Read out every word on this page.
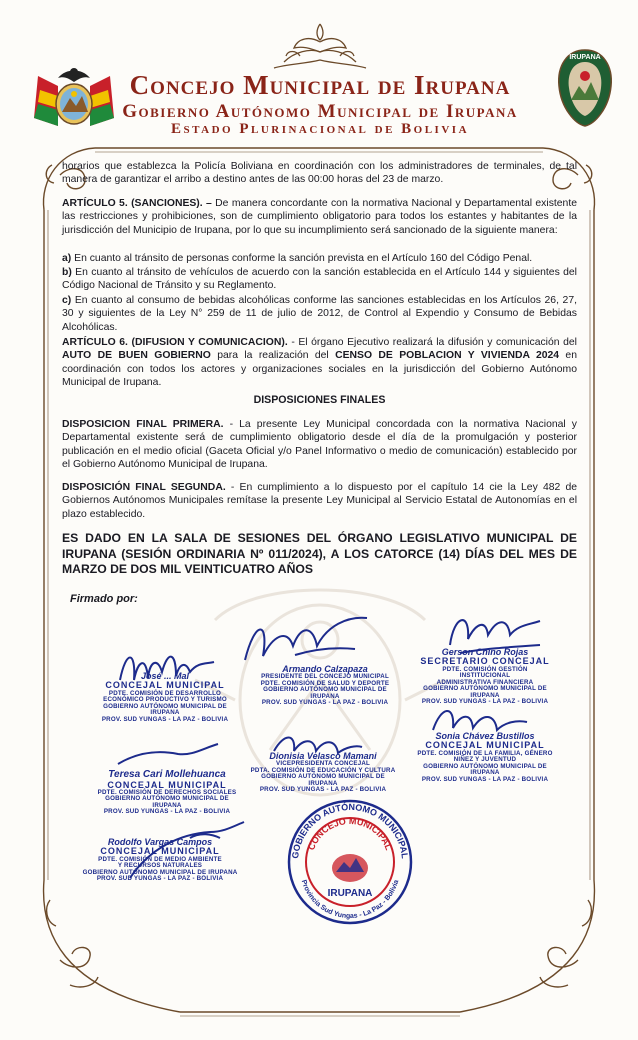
IRUPANA
Concejo Municipal de Irupana
Gobierno Autónomo Municipal de Irupana
Estado Plurinacional de Bolivia
horarios que establezca la Policía Boliviana en coordinación con los administradores de terminales, de tal manera de garantizar el arribo a destino antes de las 00:00 horas del 23 de marzo.
ARTÍCULO 5. (SANCIONES). – De manera concordante con la normativa Nacional y Departamental existente las restricciones y prohibiciones, son de cumplimiento obligatorio para todos los estantes y habitantes de la jurisdicción del Municipio de Irupana, por lo que su incumplimiento será sancionado de la siguiente manera:
a) En cuanto al tránsito de personas conforme la sanción prevista en el Artículo 160 del Código Penal.
b) En cuanto al tránsito de vehículos de acuerdo con la sanción establecida en el Artículo 144 y siguientes del Código Nacional de Tránsito y su Reglamento.
c) En cuanto al consumo de bebidas alcohólicas conforme las sanciones establecidas en los Artículos 26, 27, 30 y siguientes de la Ley N° 259 de 11 de julio de 2012, de Control al Expendio y Consumo de Bebidas Alcohólicas.
ARTÍCULO 6. (DIFUSION Y COMUNICACION). - El órgano Ejecutivo realizará la difusión y comunicación del AUTO DE BUEN GOBIERNO para la realización del CENSO DE POBLACION Y VIVIENDA 2024 en coordinación con todos los actores y organizaciones sociales en la jurisdicción del Gobierno Autónomo Municipal de Irupana.
DISPOSICIONES FINALES
DISPOSICION FINAL PRIMERA. - La presente Ley Municipal concordada con la normativa Nacional y Departamental existente será de cumplimiento obligatorio desde el día de la promulgación y posterior publicación en el medio oficial (Gaceta Oficial y/o Panel Informativo o medio de comunicación) establecido por el Gobierno Autónomo Municipal de Irupana.
DISPOSICIÓN FINAL SEGUNDA. - En cumplimiento a lo dispuesto por el capítulo 14 cie la Ley 482 de Gobiernos Autónomos Municipales remítase la presente Ley Municipal al Servicio Estatal de Autonomías en el plazo establecido.
ES DADO EN LA SALA DE SESIONES DEL ÓRGANO LEGISLATIVO MUNICIPAL DE IRUPANA (SESIÓN ORDINARIA Nº 011/2024), A LOS CATORCE (14) DÍAS DEL MES DE MARZO DE DOS MIL VEINTICUATRO AÑOS
Firmado por:
José ... Mal
CONCEJAL MUNICIPAL
PDTE. COMISIÓN DE DESARROLLO
ECONÓMICO PRODUCTIVO Y TURISMO
GOBIERNO AUTÓNOMO MUNICIPAL DE IRUPANA
PROV. SUD YUNGAS - LA PAZ - BOLIVIA
Armando Calzapaza
PRESIDENTE DEL CONCEJO MUNICIPAL
PDTE. COMISIÓN DE SALUD Y DEPORTE
GOBIERNO AUTÓNOMO MUNICIPAL DE IRUPANA
PROV. SUD YUNGAS - LA PAZ - BOLIVIA
Gerson Chino Rojas
SECRETARIO CONCEJAL
PDTE. COMISIÓN GESTIÓN INSTITUCIONAL
ADMINISTRATIVA FINANCIERA
GOBIERNO AUTÓNOMO MUNICIPAL DE IRUPANA
PROV. SUD YUNGAS - LA PAZ - BOLIVIA
Sonia Chávez Bustillos
CONCEJAL MUNICIPAL
PDTE. COMISIÓN DE LA FAMILIA, GÉNERO
NIÑEZ Y JUVENTUD
GOBIERNO AUTÓNOMO MUNICIPAL DE IRUPANA
PROV. SUD YUNGAS - LA PAZ - BOLIVIA
Dionisia Velasco Mamani
VICEPRESIDENTA CONCEJAL
PDTA. COMISIÓN DE EDUCACIÓN Y CULTURA
GOBIERNO AUTÓNOMO MUNICIPAL DE IRUPANA
PROV. SUD YUNGAS - LA PAZ - BOLIVIA
Teresa Cari Mollehuanca
CONCEJAL MUNICIPAL
PDTE. COMISIÓN DE DERECHOS SOCIALES
GOBIERNO AUTÓNOMO MUNICIPAL DE IRUPANA
PROV. SUD YUNGAS - LA PAZ - BOLIVIA
Rodolfo Vargas Campos
CONCEJAL MUNICIPAL
PDTE. COMISIÓN DE MEDIO AMBIENTE
Y RECURSOS NATURALES
GOBIERNO AUTÓNOMO MUNICIPAL DE IRUPANA
PROV. SUD YUNGAS - LA PAZ - BOLIVIA
GOBIERNO AUTÓNOMO MUNICIPAL
CONCEJO MUNICIPAL
IRUPANA
Provincia Sud Yungas - La Paz - Bolivia
